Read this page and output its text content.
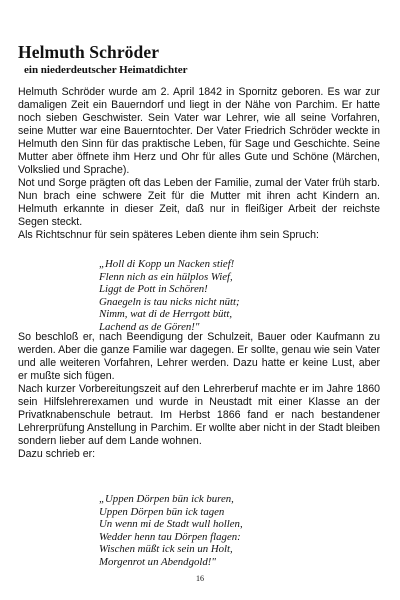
Helmuth Schröder
ein niederdeutscher Heimatdichter
Helmuth Schröder wurde am 2. April 1842 in Spornitz geboren. Es war zur damaligen Zeit ein Bauerndorf und liegt in der Nähe von Parchim. Er hatte noch sieben Geschwister. Sein Vater war Lehrer, wie all seine Vorfahren, seine Mutter war eine Bauerntochter. Der Vater Friedrich Schröder weckte in Helmuth den Sinn für das praktische Leben, für Sage und Geschichte. Seine Mutter aber öffnete ihm Herz und Ohr für alles Gute und Schöne (Märchen, Volkslied und Sprache).
Not und Sorge prägten oft das Leben der Familie, zumal der Vater früh starb. Nun brach eine schwere Zeit für die Mutter mit ihren acht Kindern an. Helmuth erkannte in dieser Zeit, daß nur in fleißiger Arbeit der reichste Segen steckt.
Als Richtschnur für sein späteres Leben diente ihm sein Spruch:
„Holl di Kopp un Nacken stief!
Flenn nich as ein hülplos Wief,
Liggt de Pott in Schören!
Gnaegeln is tau nicks nicht nütt;
Nimm, wat di de Herrgott bütt,
Lachend as de Gören!"
So beschloß er, nach Beendigung der Schulzeit, Bauer oder Kaufmann zu werden. Aber die ganze Familie war dagegen. Er sollte, genau wie sein Vater und alle weiteren Vorfahren, Lehrer werden. Dazu hatte er keine Lust, aber er mußte sich fügen.
Nach kurzer Vorbereitungszeit auf den Lehrerberuf machte er im Jahre 1860 sein Hilfslehrerexamen und wurde in Neustadt mit einer Klasse an der Privatknabenschule betraut. Im Herbst 1866 fand er nach bestandener Lehrerprüfung Anstellung in Parchim. Er wollte aber nicht in der Stadt bleiben sondern lieber auf dem Lande wohnen.
Dazu schrieb er:
„Uppen Dörpen bün ick buren,
Uppen Dörpen bün ick tagen
Un wenn mi de Stadt wull hollen,
Wedder henn tau Dörpen flagen:
Wischen müßt ick sein un Holt,
Morgenrot un Abendgold!"
16
